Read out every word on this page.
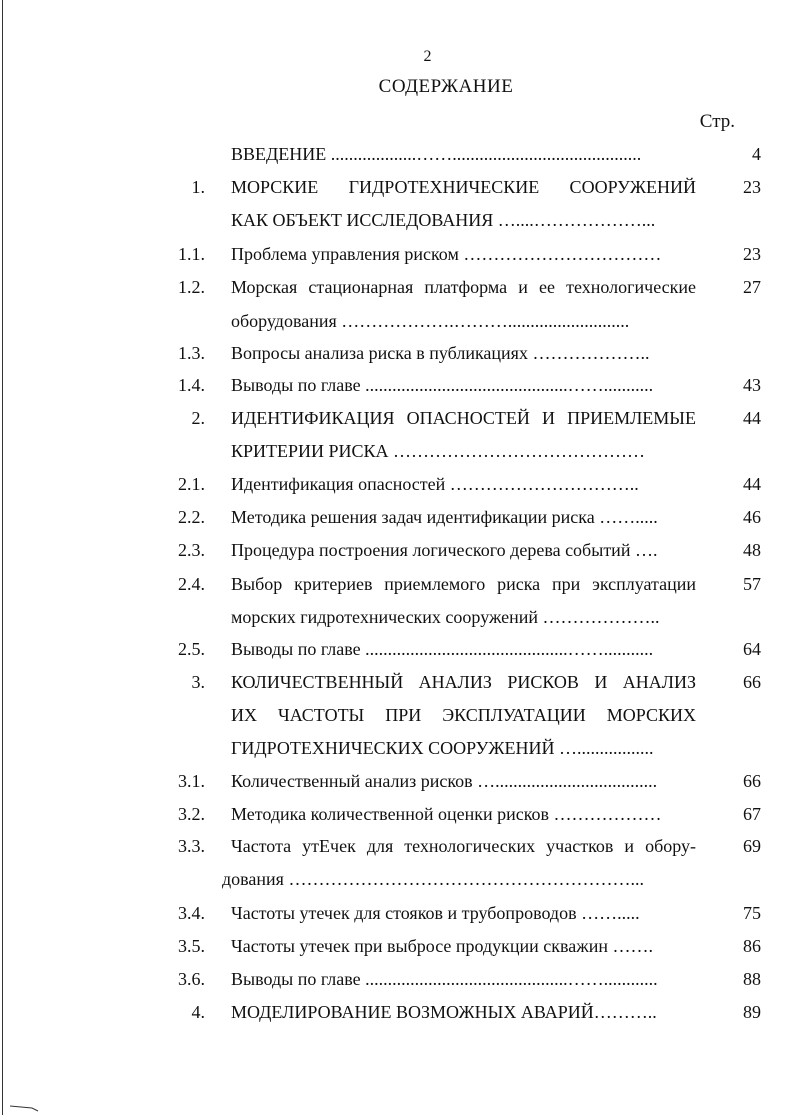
2
СОДЕРЖАНИЕ
Стр.
ВВЕДЕНИЕ ...................……..........................................	4
1. МОРСКИЕ ГИДРОТЕХНИЧЕСКИЕ СООРУЖЕНИЙ	23
КАК ОБЪЕКТ ИССЛЕДОВАНИЯ …....………………...
1.1. Проблема управления риском ……………………………	23
1.2. Морская стационарная платформа и ее технологические	27
оборудования ……………….………...........................
1.3. Вопросы анализа риска в публикациях ………………..
1.4. Выводы по главе .............................................……...........	43
2. ИДЕНТИФИКАЦИЯ ОПАСНОСТЕЙ И ПРИЕМЛЕМЫЕ	44
КРИТЕРИИ РИСКА ……………………………………
2.1. Идентификация опасностей …………………………..	44
2.2. Методика решения задач идентификации риска …….....	46
2.3. Процедура построения логического дерева событий ….	48
2.4. Выбор критериев приемлемого риска при эксплуатации	57
морских гидротехнических сооружений ………………..
2.5. Выводы по главе .............................................……...........	64
3. КОЛИЧЕСТВЕННЫЙ АНАЛИЗ РИСКОВ И АНАЛИЗ	66
ИХ ЧАСТОТЫ ПРИ ЭКСПЛУАТАЦИИ МОРСКИХ
ГИДРОТЕХНИЧЕСКИХ СООРУЖЕНИЙ ….................
3.1. Количественный анализ рисков …....................................	66
3.2. Методика количественной оценки рисков ………………	67
3.3. Частота утЕчек для технологических участков и обору-	69
дования …………………………………………………...
3.4. Частоты утечек для стояков и трубопроводов …….....	75
3.5. Частоты утечек при выбросе продукции скважин …….	86
3.6. Выводы по главе .............................................……............	88
4. МОДЕЛИРОВАНИЕ ВОЗМОЖНЫХ АВАРИЙ………..	89
